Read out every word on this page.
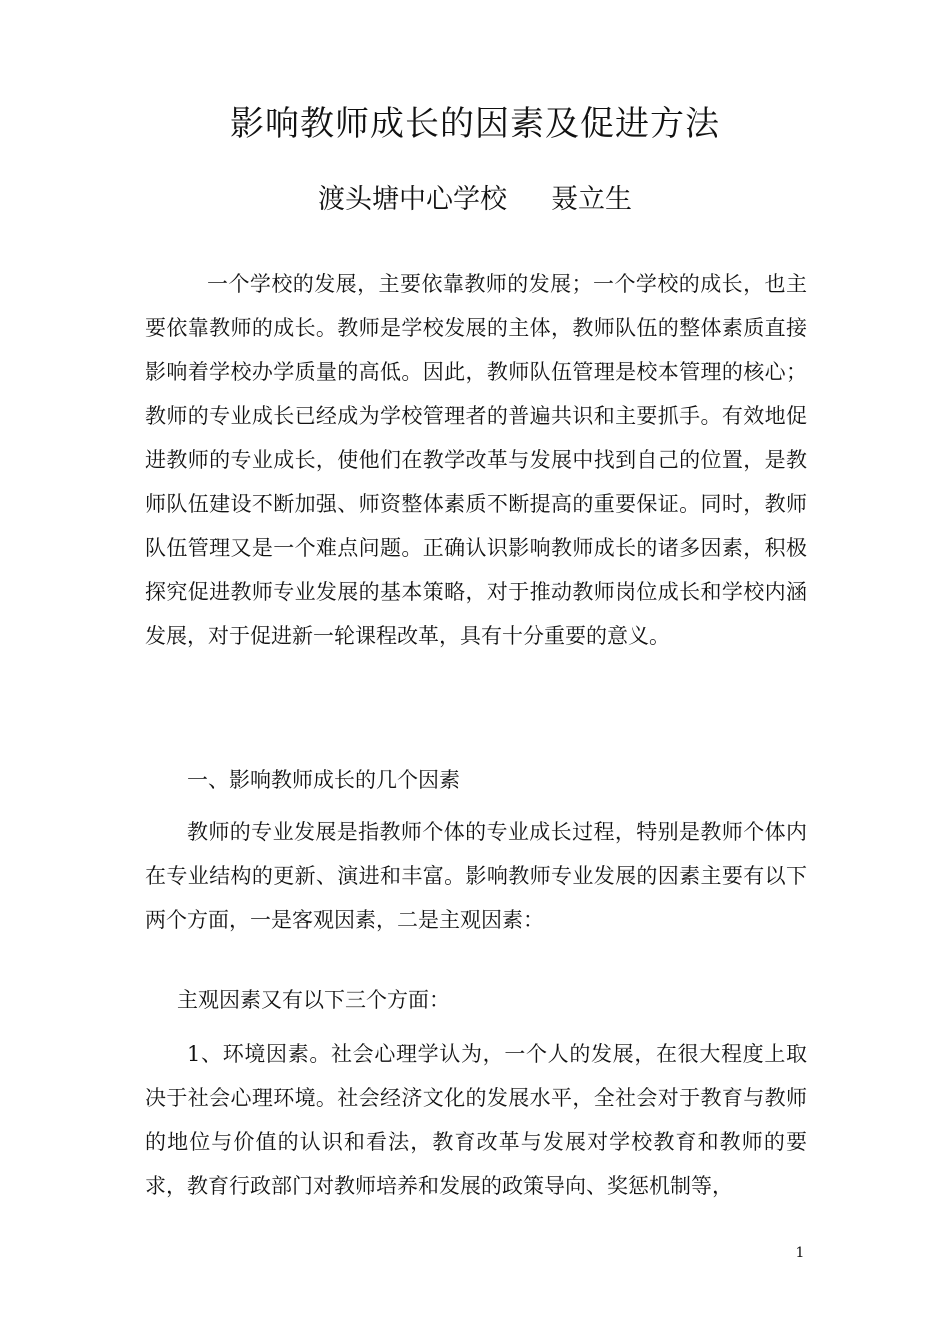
影响教师成长的因素及促进方法
渡头塘中心学校 聂立生

一个学校的发展，主要依靠教师的发展；一个学校的成长，也主要依靠教师的成长。教师是学校发展的主体，教师队伍的整体素质直接影响着学校办学质量的高低。因此，教师队伍管理是校本管理的核心；教师的专业成长已经成为学校管理者的普遍共识和主要抓手。有效地促进教师的专业成长，使他们在教学改革与发展中找到自己的位置，是教师队伍建设不断加强、师资整体素质不断提高的重要保证。同时，教师队伍管理又是一个难点问题。正确认识影响教师成长的诸多因素，积极探究促进教师专业发展的基本策略，对于推动教师岗位成长和学校内涵发展，对于促进新一轮课程改革，具有十分重要的意义。

一、影响教师成长的几个因素

教师的专业发展是指教师个体的专业成长过程，特别是教师个体内在专业结构的更新、演进和丰富。影响教师专业发展的因素主要有以下两个方面，一是客观因素，二是主观因素：

主观因素又有以下三个方面：

1、环境因素。社会心理学认为，一个人的发展，在很大程度上取决于社会心理环境。社会经济文化的发展水平，全社会对于教育与教师的地位与价值的认识和看法，教育改革与发展对学校教育和教师的要求，教育行政部门对教师培养和发展的政策导向、奖惩机制等，

1
